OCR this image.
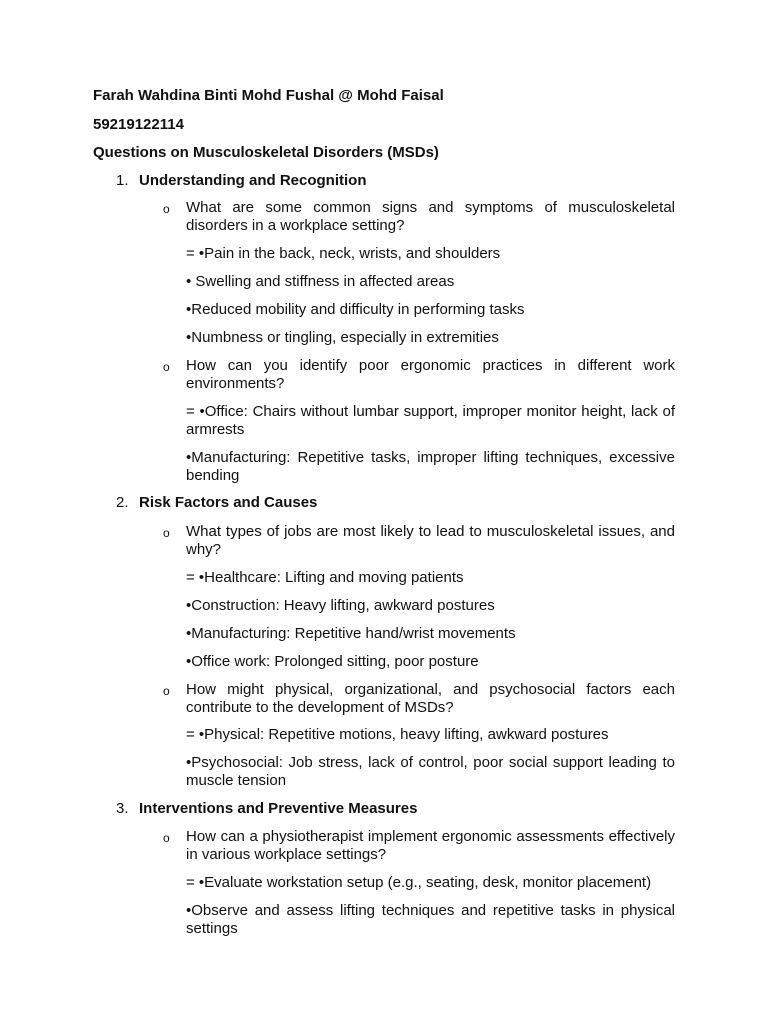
Farah Wahdina Binti Mohd Fushal @ Mohd Faisal
59219122114
Questions on Musculoskeletal Disorders (MSDs)
1. Understanding and Recognition
o What are some common signs and symptoms of musculoskeletal disorders in a workplace setting?
= •Pain in the back, neck, wrists, and shoulders
• Swelling and stiffness in affected areas
•Reduced mobility and difficulty in performing tasks
•Numbness or tingling, especially in extremities
o How can you identify poor ergonomic practices in different work environments?
= •Office: Chairs without lumbar support, improper monitor height, lack of armrests
•Manufacturing: Repetitive tasks, improper lifting techniques, excessive bending
2. Risk Factors and Causes
o What types of jobs are most likely to lead to musculoskeletal issues, and why?
= •Healthcare: Lifting and moving patients
•Construction: Heavy lifting, awkward postures
•Manufacturing: Repetitive hand/wrist movements
•Office work: Prolonged sitting, poor posture
o How might physical, organizational, and psychosocial factors each contribute to the development of MSDs?
= •Physical: Repetitive motions, heavy lifting, awkward postures
•Psychosocial: Job stress, lack of control, poor social support leading to muscle tension
3. Interventions and Preventive Measures
o How can a physiotherapist implement ergonomic assessments effectively in various workplace settings?
= •Evaluate workstation setup (e.g., seating, desk, monitor placement)
•Observe and assess lifting techniques and repetitive tasks in physical settings
